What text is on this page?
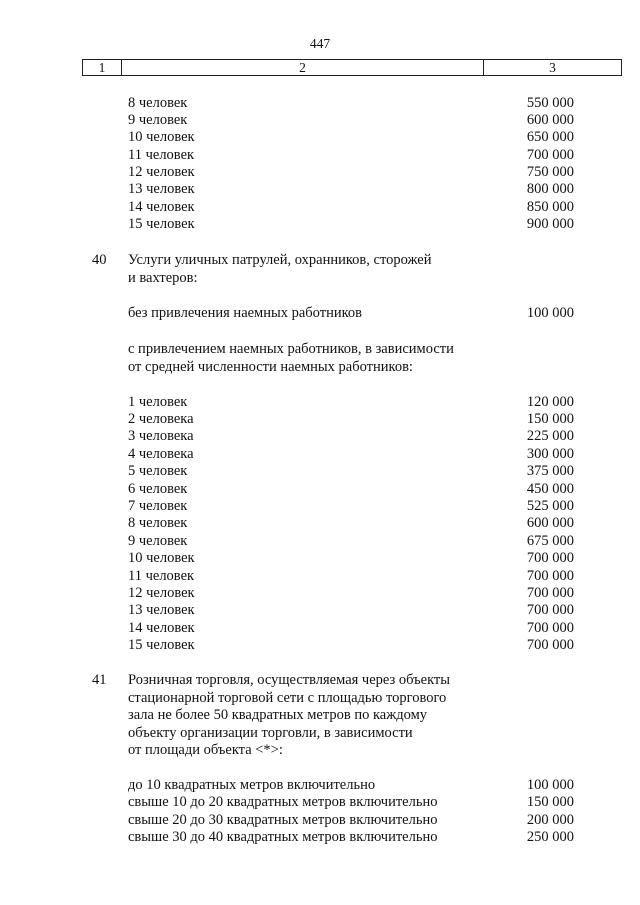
447
1	2	3
8 человек	550 000
9 человек	600 000
10 человек	650 000
11 человек	700 000
12 человек	750 000
13 человек	800 000
14 человек	850 000
15 человек	900 000
40 Услуги уличных патрулей, охранников, сторожей
и вахтеров:
без привлечения наемных работников	100 000
с привлечением наемных работников, в зависимости
от средней численности наемных работников:
1 человек	120 000
2 человека	150 000
3 человека	225 000
4 человека	300 000
5 человек	375 000
6 человек	450 000
7 человек	525 000
8 человек	600 000
9 человек	675 000
10 человек	700 000
11 человек	700 000
12 человек	700 000
13 человек	700 000
14 человек	700 000
15 человек	700 000
41 Розничная торговля, осуществляемая через объекты
стационарной торговой сети с площадью торгового
зала не более 50 квадратных метров по каждому
объекту организации торговли, в зависимости
от площади объекта <*>:
до 10 квадратных метров включительно	100 000
свыше 10 до 20 квадратных метров включительно	150 000
свыше 20 до 30 квадратных метров включительно	200 000
свыше 30 до 40 квадратных метров включительно	250 000
